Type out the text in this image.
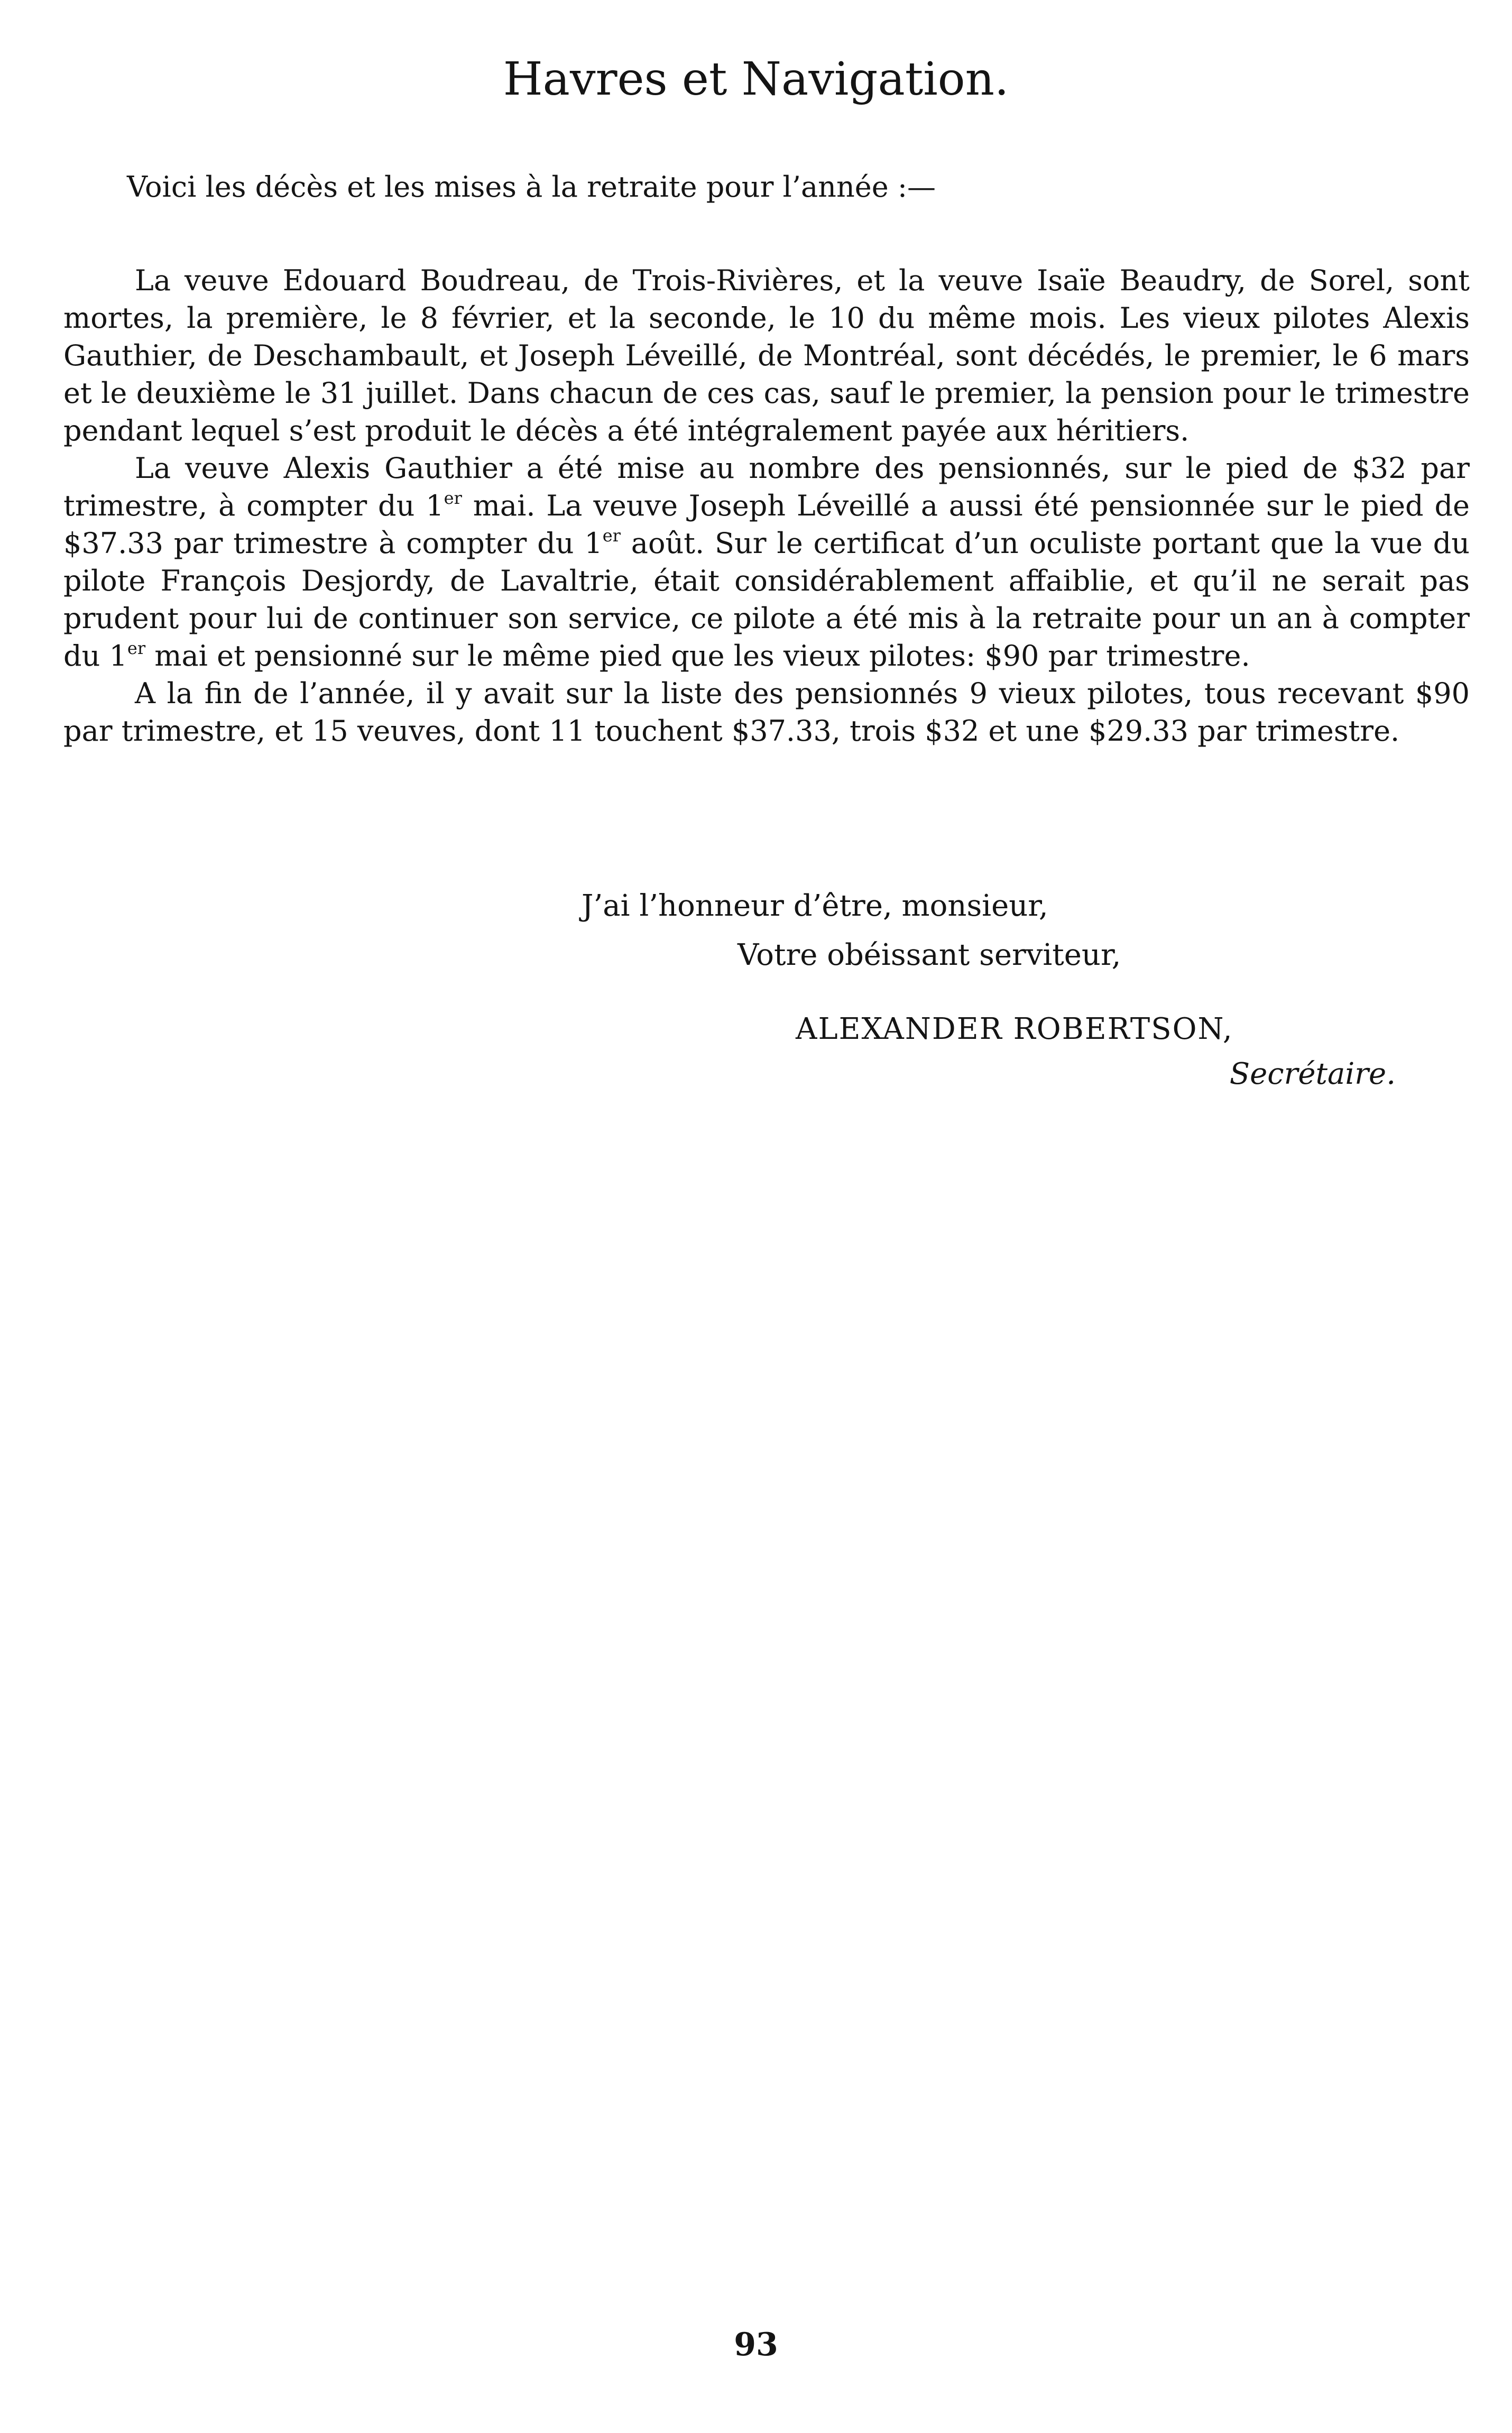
Havres et Navigation.

Voici les décès et les mises à la retraite pour l’année :—

La veuve Edouard Boudreau, de Trois-Rivières, et la veuve Isaïe Beaudry, de Sorel, sont mortes, la première, le 8 février, et la seconde, le 10 du même mois. Les vieux pilotes Alexis Gauthier, de Deschambault, et Joseph Léveillé, de Montréal, sont décédés, le premier, le 6 mars et le deuxième le 31 juillet. Dans chacun de ces cas, sauf le premier, la pension pour le trimestre pendant lequel s’est produit le décès a été intégralement payée aux héritiers.

La veuve Alexis Gauthier a été mise au nombre des pensionnés, sur le pied de $32 par trimestre, à compter du 1er mai. La veuve Joseph Léveillé a aussi été pensionnée sur le pied de $37.33 par trimestre à compter du 1er août. Sur le certificat d’un oculiste portant que la vue du pilote François Desjordy, de Lavaltrie, était considérablement affaiblie, et qu’il ne serait pas prudent pour lui de continuer son service, ce pilote a été mis à la retraite pour un an à compter du 1er mai et pensionné sur le même pied que les vieux pilotes: $90 par trimestre.

A la fin de l’année, il y avait sur la liste des pensionnés 9 vieux pilotes, tous recevant $90 par trimestre, et 15 veuves, dont 11 touchent $37.33, trois $32 et une $29.33 par trimestre.

J’ai l’honneur d’être, monsieur,
Votre obéissant serviteur,
ALEXANDER ROBERTSON,
Secrétaire.
93
